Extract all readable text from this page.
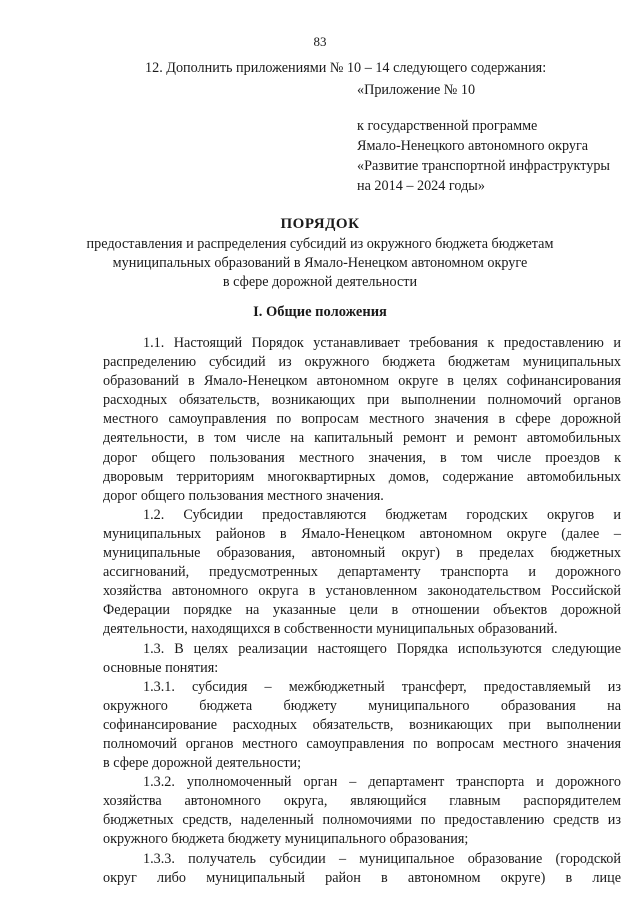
83
12. Дополнить приложениями № 10 – 14 следующего содержания:
«Приложение № 10
к государственной программе
Ямало-Ненецкого автономного округа
«Развитие транспортной инфраструктуры
на 2014 – 2024 годы»
ПОРЯДОК
предоставления и распределения субсидий из окружного бюджета бюджетам
муниципальных образований в Ямало-Ненецком автономном округе
в сфере дорожной деятельности
I. Общие положения
1.1. Настоящий Порядок устанавливает требования к предоставлению и
распределению субсидий из окружного бюджета бюджетам муниципальных
образований в Ямало-Ненецком автономном округе в целях софинансирования
расходных обязательств, возникающих при выполнении полномочий органов
местного самоуправления по вопросам местного значения в сфере дорожной
деятельности, в том числе на капитальный ремонт и ремонт автомобильных
дорог общего пользования местного значения, в том числе проездов к
дворовым территориям многоквартирных домов, содержание автомобильных
дорог общего пользования местного значения.
1.2. Субсидии предоставляются бюджетам городских округов и
муниципальных районов в Ямало-Ненецком автономном округе (далее –
муниципальные образования, автономный округ) в пределах бюджетных
ассигнований, предусмотренных департаменту транспорта и дорожного
хозяйства автономного округа в установленном законодательством Российской
Федерации порядке на указанные цели в отношении объектов дорожной
деятельности, находящихся в собственности муниципальных образований.
1.3. В целях реализации настоящего Порядка используются следующие
основные понятия:
1.3.1. субсидия – межбюджетный трансферт, предоставляемый из
окружного бюджета бюджету муниципального образования на
софинансирование расходных обязательств, возникающих при выполнении
полномочий органов местного самоуправления по вопросам местного значения
в сфере дорожной деятельности;
1.3.2. уполномоченный орган – департамент транспорта и дорожного
хозяйства автономного округа, являющийся главным распорядителем
бюджетных средств, наделенный полномочиями по предоставлению средств из
окружного бюджета бюджету муниципального образования;
1.3.3. получатель субсидии – муниципальное образование (городской
округ либо муниципальный район в автономном округе) в лице
